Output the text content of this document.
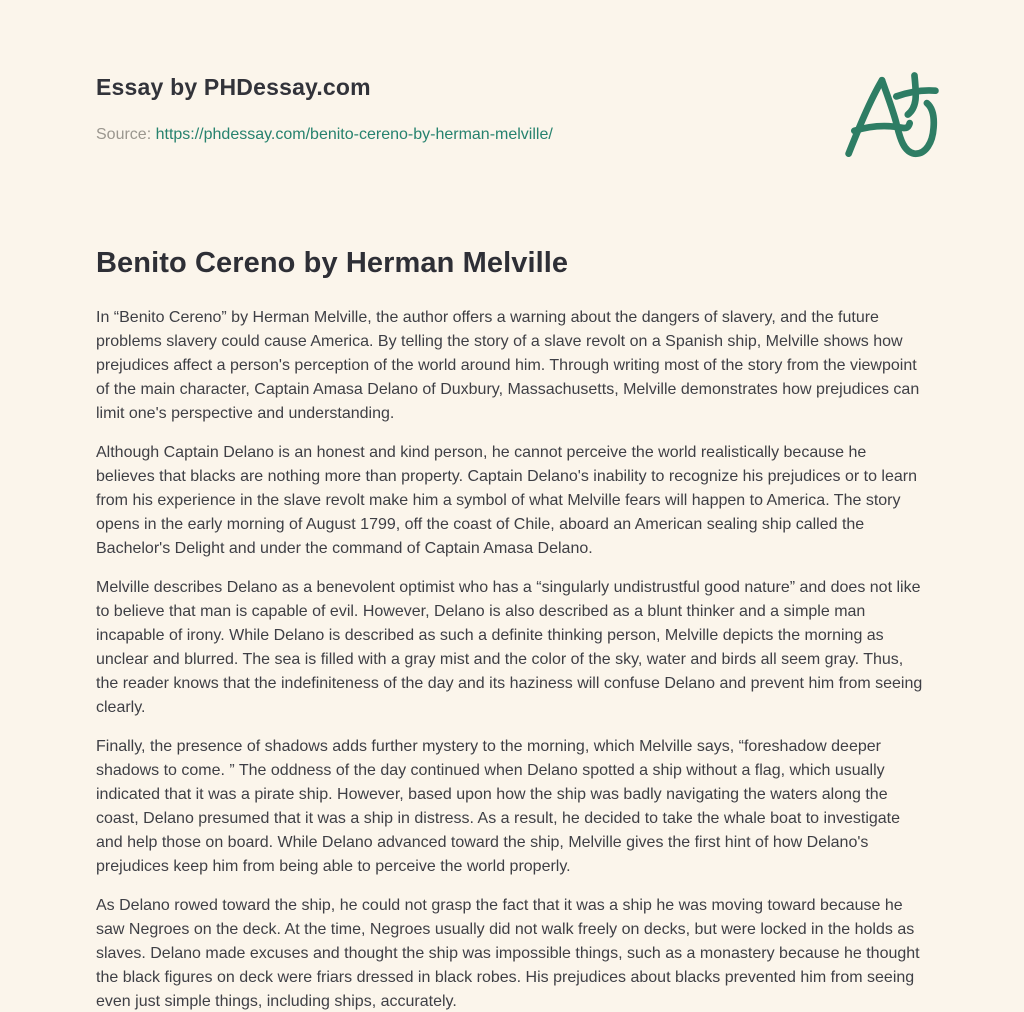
Essay by PHDessay.com

Source: https://phdessay.com/benito-cereno-by-herman-melville/

Benito Cereno by Herman Melville

In “Benito Cereno” by Herman Melville, the author offers a warning about the dangers of slavery, and the future problems slavery could cause America. By telling the story of a slave revolt on a Spanish ship, Melville shows how prejudices affect a person's perception of the world around him. Through writing most of the story from the viewpoint of the main character, Captain Amasa Delano of Duxbury, Massachusetts, Melville demonstrates how prejudices can limit one's perspective and understanding.

Although Captain Delano is an honest and kind person, he cannot perceive the world realistically because he believes that blacks are nothing more than property. Captain Delano's inability to recognize his prejudices or to learn from his experience in the slave revolt make him a symbol of what Melville fears will happen to America. The story opens in the early morning of August 1799, off the coast of Chile, aboard an American sealing ship called the Bachelor's Delight and under the command of Captain Amasa Delano.

Melville describes Delano as a benevolent optimist who has a “singularly undistrustful good nature” and does not like to believe that man is capable of evil. However, Delano is also described as a blunt thinker and a simple man incapable of irony. While Delano is described as such a definite thinking person, Melville depicts the morning as unclear and blurred. The sea is filled with a gray mist and the color of the sky, water and birds all seem gray. Thus, the reader knows that the indefiniteness of the day and its haziness will confuse Delano and prevent him from seeing clearly.

Finally, the presence of shadows adds further mystery to the morning, which Melville says, “foreshadow deeper shadows to come. ” The oddness of the day continued when Delano spotted a ship without a flag, which usually indicated that it was a pirate ship. However, based upon how the ship was badly navigating the waters along the coast, Delano presumed that it was a ship in distress. As a result, he decided to take the whale boat to investigate and help those on board. While Delano advanced toward the ship, Melville gives the first hint of how Delano's prejudices keep him from being able to perceive the world properly.

As Delano rowed toward the ship, he could not grasp the fact that it was a ship he was moving toward because he saw Negroes on the deck. At the time, Negroes usually did not walk freely on decks, but were locked in the holds as slaves. Delano made excuses and thought the ship was impossible things, such as a monastery because he thought the black figures on deck were friars dressed in black robes. His prejudices about blacks prevented him from seeing even just simple things, including ships, accurately.
